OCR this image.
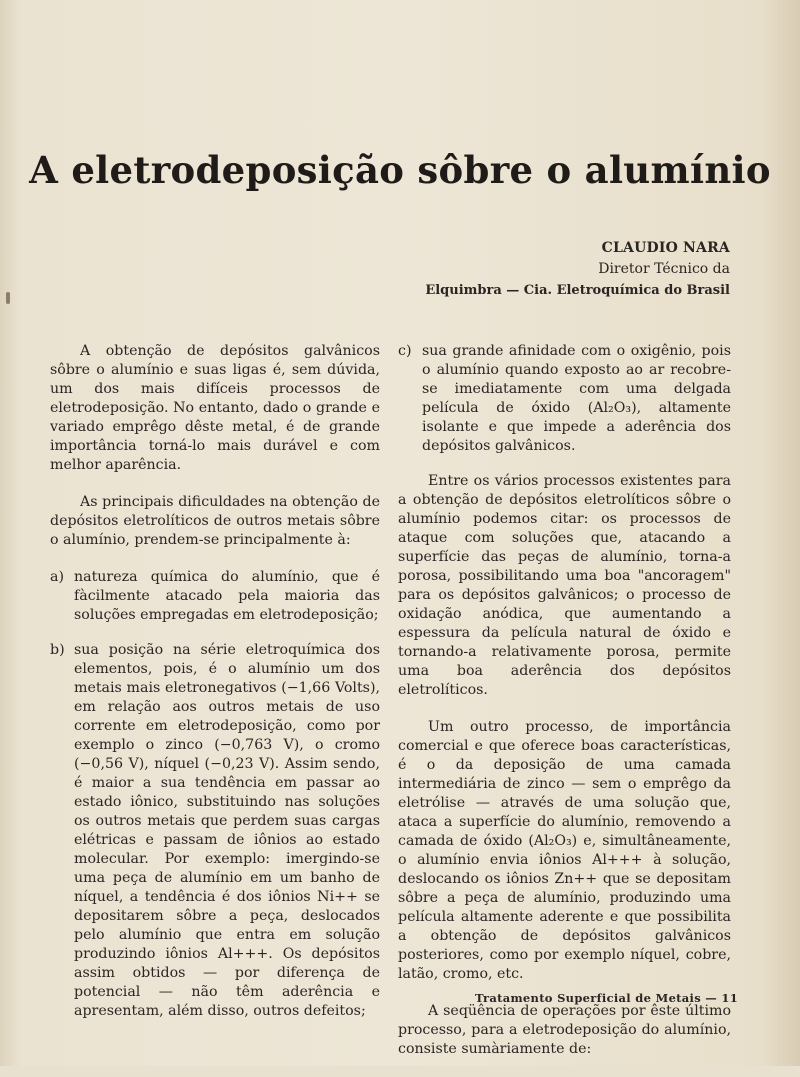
A eletrodeposição sôbre o alumínio
CLAUDIO NARA
Diretor Técnico da
Elquimbra — Cia. Eletroquímica do Brasil

A obtenção de depósitos galvânicos sôbre o alumínio e suas ligas é, sem dúvida, um dos mais difíceis processos de eletrodeposição. No entanto, dado o grande e variado emprêgo dêste metal, é de grande importância torná-lo mais durável e com melhor aparência.

As principais dificuldades na obtenção de depósitos eletrolíticos de outros metais sôbre o alumínio, prendem-se principalmente à:

a) natureza química do alumínio, que é fàcilmente atacado pela maioria das soluções empregadas em eletrodeposição;
b) sua posição na série eletroquímica dos elementos, pois, é o alumínio um dos metais mais eletronegativos (−1,66 Volts), em relação aos outros metais de uso corrente em eletrodeposição, como por exemplo o zinco (−0,763 V), o cromo (−0,56 V), níquel (−0,23 V). Assim sendo, é maior a sua tendência em passar ao estado iônico, substituindo nas soluções os outros metais que perdem suas cargas elétricas e passam de iônios ao estado molecular. Por exemplo: imergindo-se uma peça de alumínio em um banho de níquel, a tendência é dos iônios Ni++ se depositarem sôbre a peça, deslocados pelo alumínio que entra em solução produzindo iônios Al+++. Os depósitos assim obtidos — por diferença de potencial — não têm aderência e apresentam, além disso, outros defeitos;
c) sua grande afinidade com o oxigênio, pois o alumínio quando exposto ao ar recobre-se imediatamente com uma delgada película de óxido (Al₂O₃), altamente isolante e que impede a aderência dos depósitos galvânicos.

Entre os vários processos existentes para a obtenção de depósitos eletrolíticos sôbre o alumínio podemos citar: os processos de ataque com soluções que, atacando a superfície das peças de alumínio, torna-a porosa, possibilitando uma boa "ancoragem" para os depósitos galvânicos; o processo de oxidação anódica, que aumentando a espessura da película natural de óxido e tornando-a relativamente porosa, permite uma boa aderência dos depósitos eletrolíticos.

Um outro processo, de importância comercial e que oferece boas características, é o da deposição de uma camada intermediária de zinco — sem o emprêgo da eletrólise — através de uma solução que, ataca a superfície do alumínio, removendo a camada de óxido (Al₂O₃) e, simultâneamente, o alumínio envia iônios Al+++ à solução, deslocando os iônios Zn++ que se depositam sôbre a peça de alumínio, produzindo uma película altamente aderente e que possibilita a obtenção de depósitos galvânicos posteriores, como por exemplo níquel, cobre, latão, cromo, etc.

A seqüência de operações por êste último processo, para a eletrodeposição do alumínio, consiste sumàriamente de:

Tratamento Superficial de Metais — 11
